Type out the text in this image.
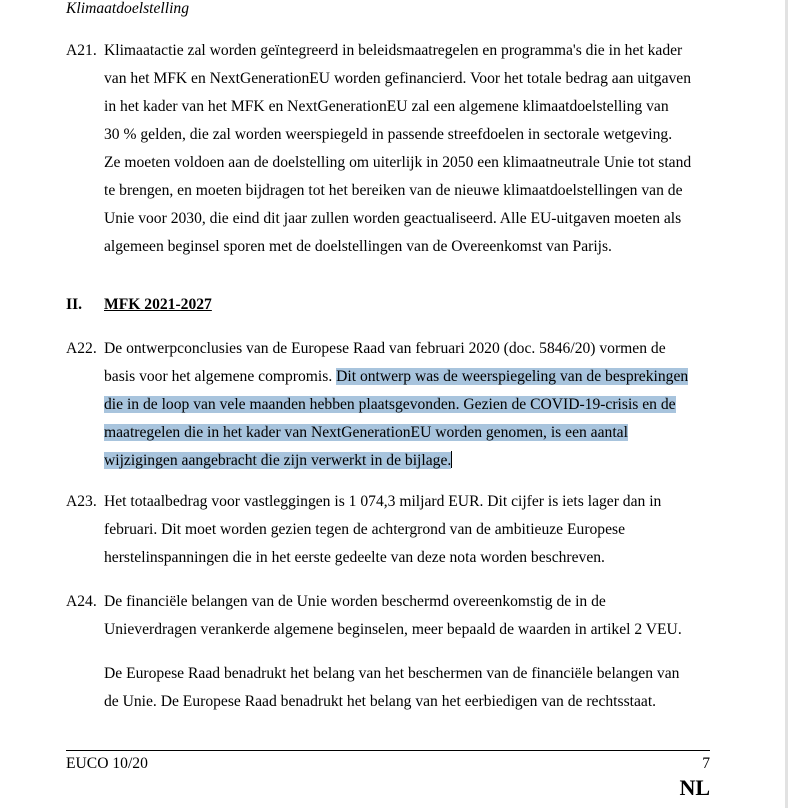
Klimaatdoelstelling
A21. Klimaatactie zal worden geïntegreerd in beleidsmaatregelen en programma's die in het kader
van het MFK en NextGenerationEU worden gefinancierd. Voor het totale bedrag aan uitgaven
in het kader van het MFK en NextGenerationEU zal een algemene klimaatdoelstelling van
30 % gelden, die zal worden weerspiegeld in passende streefdoelen in sectorale wetgeving.
Ze moeten voldoen aan de doelstelling om uiterlijk in 2050 een klimaatneutrale Unie tot stand
te brengen, en moeten bijdragen tot het bereiken van de nieuwe klimaatdoelstellingen van de
Unie voor 2030, die eind dit jaar zullen worden geactualiseerd. Alle EU-uitgaven moeten als
algemeen beginsel sporen met de doelstellingen van de Overeenkomst van Parijs.
II. MFK 2021-2027
A22. De ontwerpconclusies van de Europese Raad van februari 2020 (doc. 5846/20) vormen de
basis voor het algemene compromis. Dit ontwerp was de weerspiegeling van de besprekingen
die in de loop van vele maanden hebben plaatsgevonden. Gezien de COVID-19-crisis en de
maatregelen die in het kader van NextGenerationEU worden genomen, is een aantal
wijzigingen aangebracht die zijn verwerkt in de bijlage.
A23. Het totaalbedrag voor vastleggingen is 1 074,3 miljard EUR. Dit cijfer is iets lager dan in
februari. Dit moet worden gezien tegen de achtergrond van de ambitieuze Europese
herstelinspanningen die in het eerste gedeelte van deze nota worden beschreven.
A24. De financiële belangen van de Unie worden beschermd overeenkomstig de in de
Unieverdragen verankerde algemene beginselen, meer bepaald de waarden in artikel 2 VEU.
De Europese Raad benadrukt het belang van het beschermen van de financiële belangen van
de Unie. De Europese Raad benadrukt het belang van het eerbiedigen van de rechtsstaat.
EUCO 10/20	7
NL
